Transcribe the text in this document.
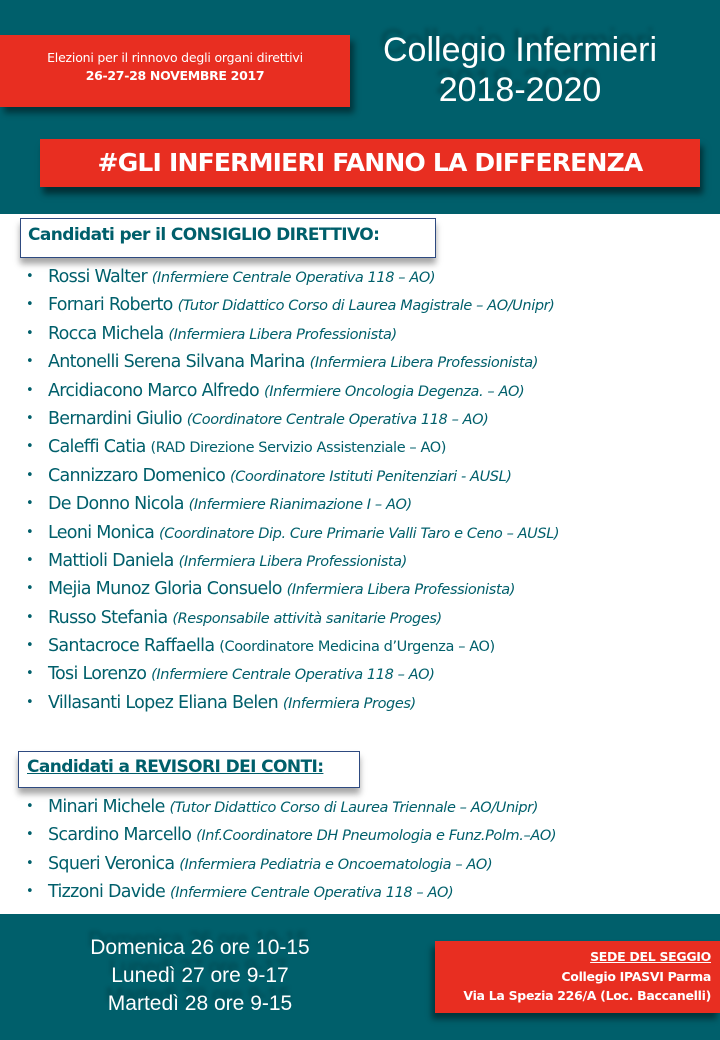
Elezioni per il rinnovo degli organi direttivi
26-27-28 NOVEMBRE 2017
Collegio Infermieri
2018-2020
#GLI INFERMIERI FANNO LA DIFFERENZA
Candidati per il CONSIGLIO DIRETTIVO:
• Rossi Walter (Infermiere Centrale Operativa 118 – AO)
• Fornari Roberto (Tutor Didattico Corso di Laurea Magistrale – AO/Unipr)
• Rocca Michela (Infermiera Libera Professionista)
• Antonelli Serena Silvana Marina (Infermiera Libera Professionista)
• Arcidiacono Marco Alfredo (Infermiere Oncologia Degenza. – AO)
• Bernardini Giulio (Coordinatore Centrale Operativa 118 – AO)
• Caleffi Catia (RAD Direzione Servizio Assistenziale – AO)
• Cannizzaro Domenico (Coordinatore Istituti Penitenziari - AUSL)
• De Donno Nicola (Infermiere Rianimazione I – AO)
• Leoni Monica (Coordinatore Dip. Cure Primarie Valli Taro e Ceno – AUSL)
• Mattioli Daniela (Infermiera Libera Professionista)
• Mejia Munoz Gloria Consuelo (Infermiera Libera Professionista)
• Russo Stefania (Responsabile attività sanitarie Proges)
• Santacroce Raffaella (Coordinatore Medicina d’Urgenza – AO)
• Tosi Lorenzo (Infermiere Centrale Operativa 118 – AO)
• Villasanti Lopez Eliana Belen (Infermiera Proges)
Candidati a REVISORI DEI CONTI:
• Minari Michele (Tutor Didattico Corso di Laurea Triennale – AO/Unipr)
• Scardino Marcello (Inf.Coordinatore DH Pneumologia e Funz.Polm.–AO)
• Squeri Veronica (Infermiera Pediatria e Oncoematologia – AO)
• Tizzoni Davide (Infermiere Centrale Operativa 118 – AO)
Domenica 26 ore 10-15
Lunedì 27 ore 9-17
Martedì 28 ore 9-15
SEDE DEL SEGGIO
Collegio IPASVI Parma
Via La Spezia 226/A (Loc. Baccanelli)
